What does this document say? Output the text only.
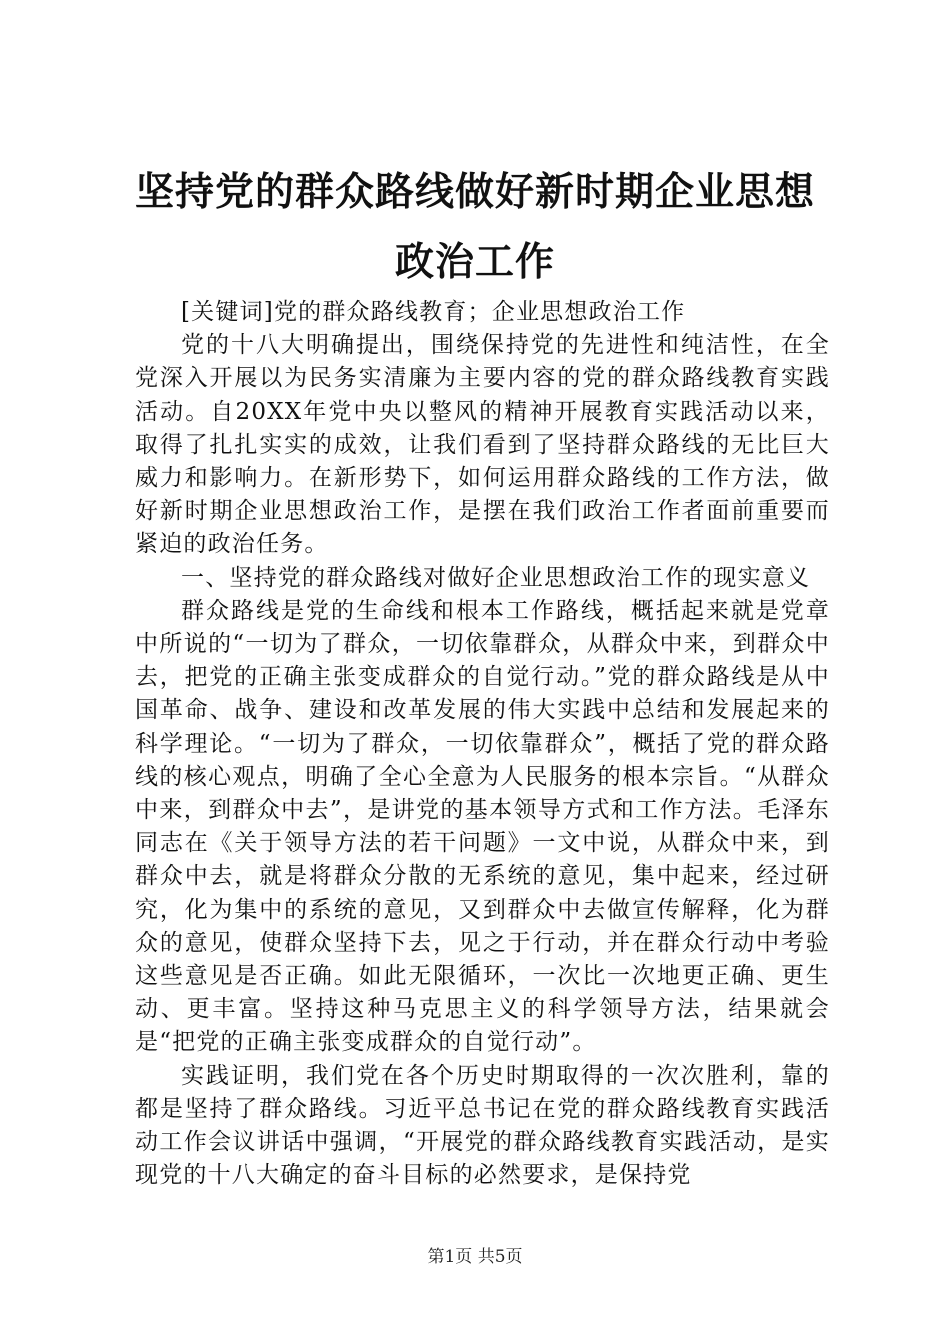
坚持党的群众路线做好新时期企业思想政治工作

[关键词]党的群众路线教育；企业思想政治工作

党的十八大明确提出，围绕保持党的先进性和纯洁性，在全党深入开展以为民务实清廉为主要内容的党的群众路线教育实践活动。自20XX年党中央以整风的精神开展教育实践活动以来，取得了扎扎实实的成效，让我们看到了坚持群众路线的无比巨大威力和影响力。在新形势下，如何运用群众路线的工作方法，做好新时期企业思想政治工作，是摆在我们政治工作者面前重要而紧迫的政治任务。

一、坚持党的群众路线对做好企业思想政治工作的现实意义

群众路线是党的生命线和根本工作路线，概括起来就是党章中所说的“一切为了群众，一切依靠群众，从群众中来，到群众中去，把党的正确主张变成群众的自觉行动。”党的群众路线是从中国革命、战争、建设和改革发展的伟大实践中总结和发展起来的科学理论。“一切为了群众，一切依靠群众”，概括了党的群众路线的核心观点，明确了全心全意为人民服务的根本宗旨。“从群众中来，到群众中去”，是讲党的基本领导方式和工作方法。毛泽东同志在《关于领导方法的若干问题》一文中说，从群众中来，到群众中去，就是将群众分散的无系统的意见，集中起来，经过研究，化为集中的系统的意见，又到群众中去做宣传解释，化为群众的意见，使群众坚持下去，见之于行动，并在群众行动中考验这些意见是否正确。如此无限循环，一次比一次地更正确、更生动、更丰富。坚持这种马克思主义的科学领导方法，结果就会是“把党的正确主张变成群众的自觉行动”。

实践证明，我们党在各个历史时期取得的一次次胜利，靠的都是坚持了群众路线。习近平总书记在党的群众路线教育实践活动工作会议讲话中强调，“开展党的群众路线教育实践活动，是实现党的十八大确定的奋斗目标的必然要求，是保持党

第1页 共5页
